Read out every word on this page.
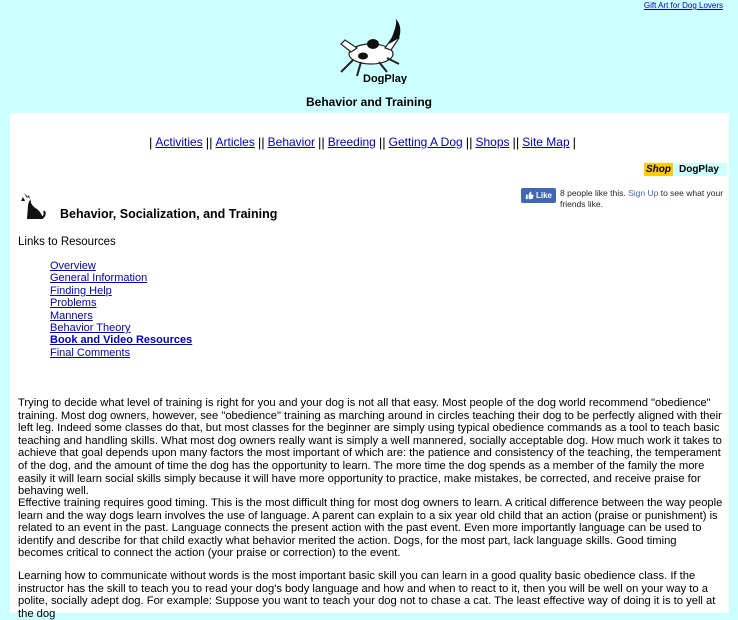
Gift Art for Dog Lovers
DogPlay
Behavior and Training
| Activities | | Articles | | Behavior | | Breeding | | Getting A Dog | | Shops | | Site Map |
Shop DogPlay
Behavior, Socialization, and Training
Like 8 people like this. Sign Up to see what your friends like.
Links to Resources
Overview
General Information
Finding Help
Problems
Manners
Behavior Theory
Book and Video Resources
Final Comments

Trying to decide what level of training is right for you and your dog is not all that easy. Most people of the dog world recommend "obedience" training. Most dog owners, however, see "obedience" training as marching around in circles teaching their dog to be perfectly aligned with their left leg. Indeed some classes do that, but most classes for the beginner are simply using typical obedience commands as a tool to teach basic teaching and handling skills. What most dog owners really want is simply a well mannered, socially acceptable dog. How much work it takes to achieve that goal depends upon many factors the most important of which are: the patience and consistency of the teaching, the temperament of the dog, and the amount of time the dog has the opportunity to learn. The more time the dog spends as a member of the family the more easily it will learn social skills simply because it will have more opportunity to practice, make mistakes, be corrected, and receive praise for behaving well.

Effective training requires good timing. This is the most difficult thing for most dog owners to learn. A critical difference between the way people learn and the way dogs learn involves the use of language. A parent can explain to a six year old child that an action (praise or punishment) is related to an event in the past. Language connects the present action with the past event. Even more importantly language can be used to identify and describe for that child exactly what behavior merited the action. Dogs, for the most part, lack language skills. Good timing becomes critical to connect the action (your praise or correction) to the event.

Learning how to communicate without words is the most important basic skill you can learn in a good quality basic obedience class. If the instructor has the skill to teach you to read your dog's body language and how and when to react to it, then you will be well on your way to a polite, socially adept dog. For example: Suppose you want to teach your dog not to chase a cat. The least effective way of doing it is to yell at the dog
